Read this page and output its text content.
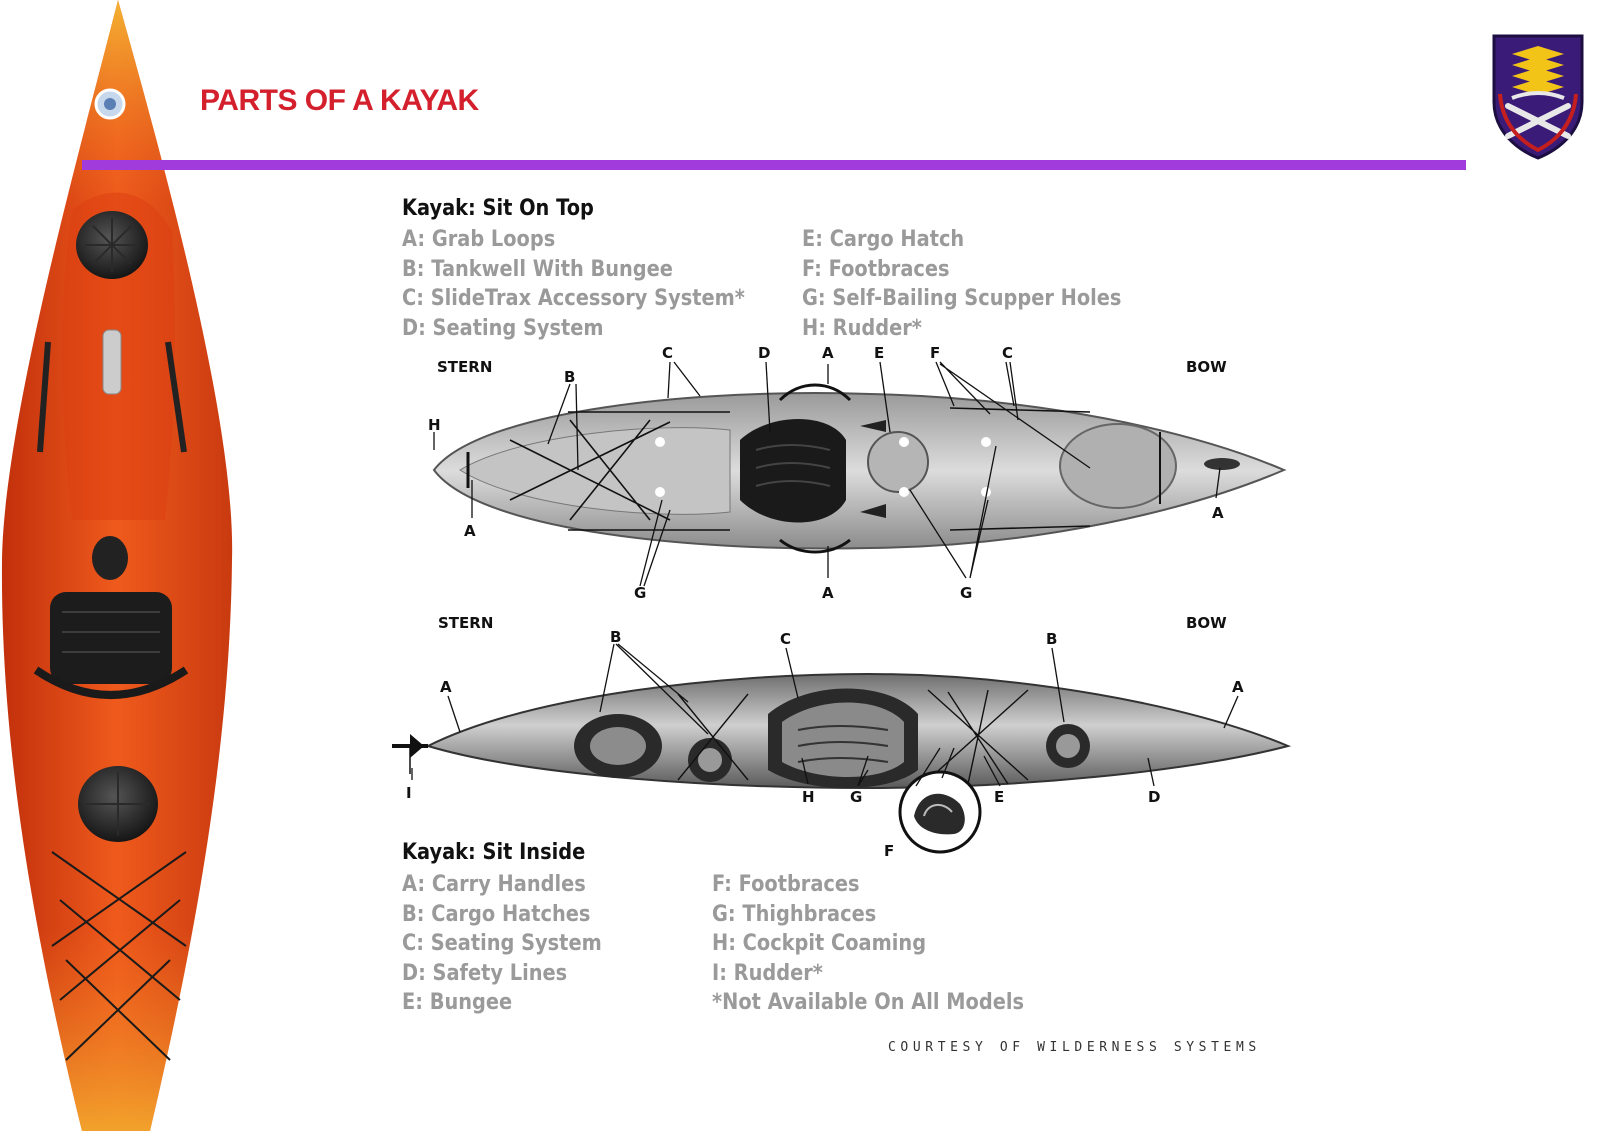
PARTS OF A KAYAK
Kayak: Sit On Top
A: Grab Loops
B: Tankwell With Bungee
C: SlideTrax Accessory System*
D: Seating System
E: Cargo Hatch
F: Footbraces
G: Self-Bailing Scupper Holes
H: Rudder*
STERN	BOW
C
B
D	A	E	F	C
H
A
A
A
G	G
STERN	BOW
B	C	B
A	A
I	H G	E	D
F
Kayak: Sit Inside
A: Carry Handles
B: Cargo Hatches
C: Seating System
D: Safety Lines
E: Bungee
F: Footbraces
G: Thighbraces
H: Cockpit Coaming
I: Rudder*
*Not Available On All Models
COURTESY OF WILDERNESS SYSTEMS
